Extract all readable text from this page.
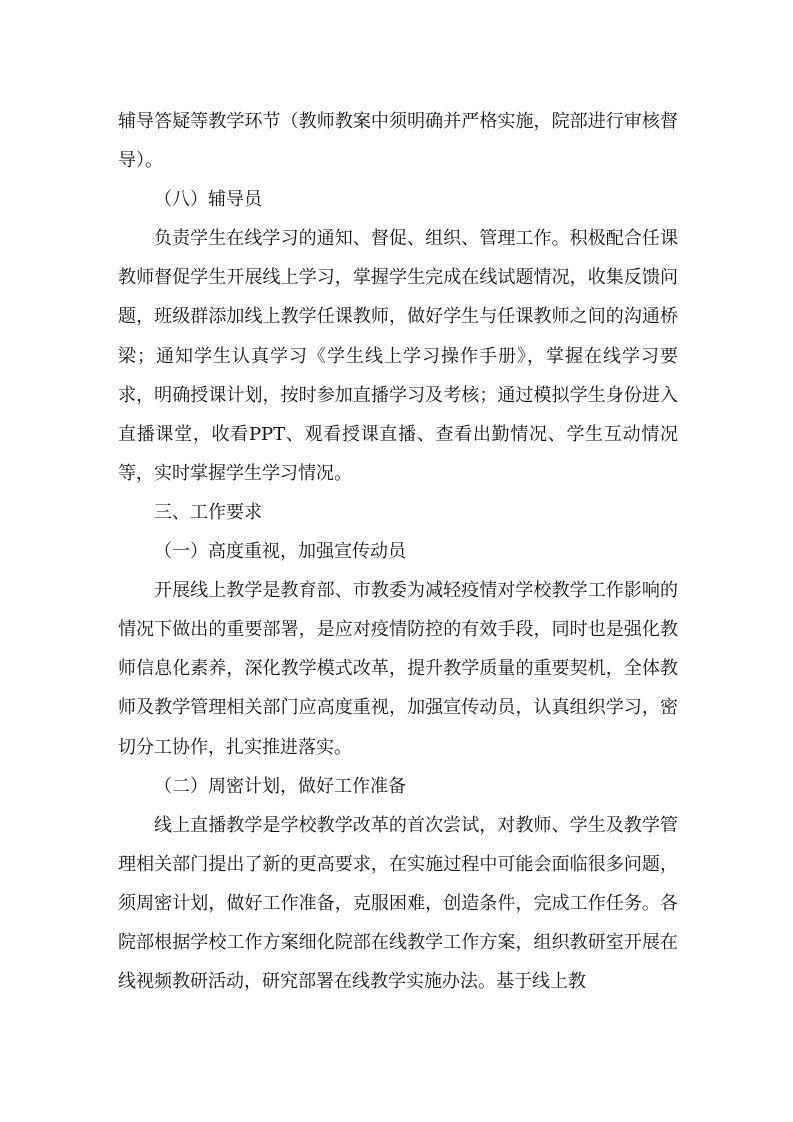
辅导答疑等教学环节（教师教案中须明确并严格实施，院部进行审核督导）。

（八）辅导员

负责学生在线学习的通知、督促、组织、管理工作。积极配合任课教师督促学生开展线上学习，掌握学生完成在线试题情况，收集反馈问题，班级群添加线上教学任课教师，做好学生与任课教师之间的沟通桥梁；通知学生认真学习《学生线上学习操作手册》，掌握在线学习要求，明确授课计划，按时参加直播学习及考核；通过模拟学生身份进入直播课堂，收看PPT、观看授课直播、查看出勤情况、学生互动情况等，实时掌握学生学习情况。

三、工作要求

（一）高度重视，加强宣传动员

开展线上教学是教育部、市教委为减轻疫情对学校教学工作影响的情况下做出的重要部署，是应对疫情防控的有效手段，同时也是强化教师信息化素养，深化教学模式改革，提升教学质量的重要契机，全体教师及教学管理相关部门应高度重视，加强宣传动员，认真组织学习，密切分工协作，扎实推进落实。

（二）周密计划，做好工作准备

线上直播教学是学校教学改革的首次尝试，对教师、学生及教学管理相关部门提出了新的更高要求，在实施过程中可能会面临很多问题，须周密计划，做好工作准备，克服困难，创造条件，完成工作任务。各院部根据学校工作方案细化院部在线教学工作方案，组织教研室开展在线视频教研活动，研究部署在线教学实施办法。基于线上教
